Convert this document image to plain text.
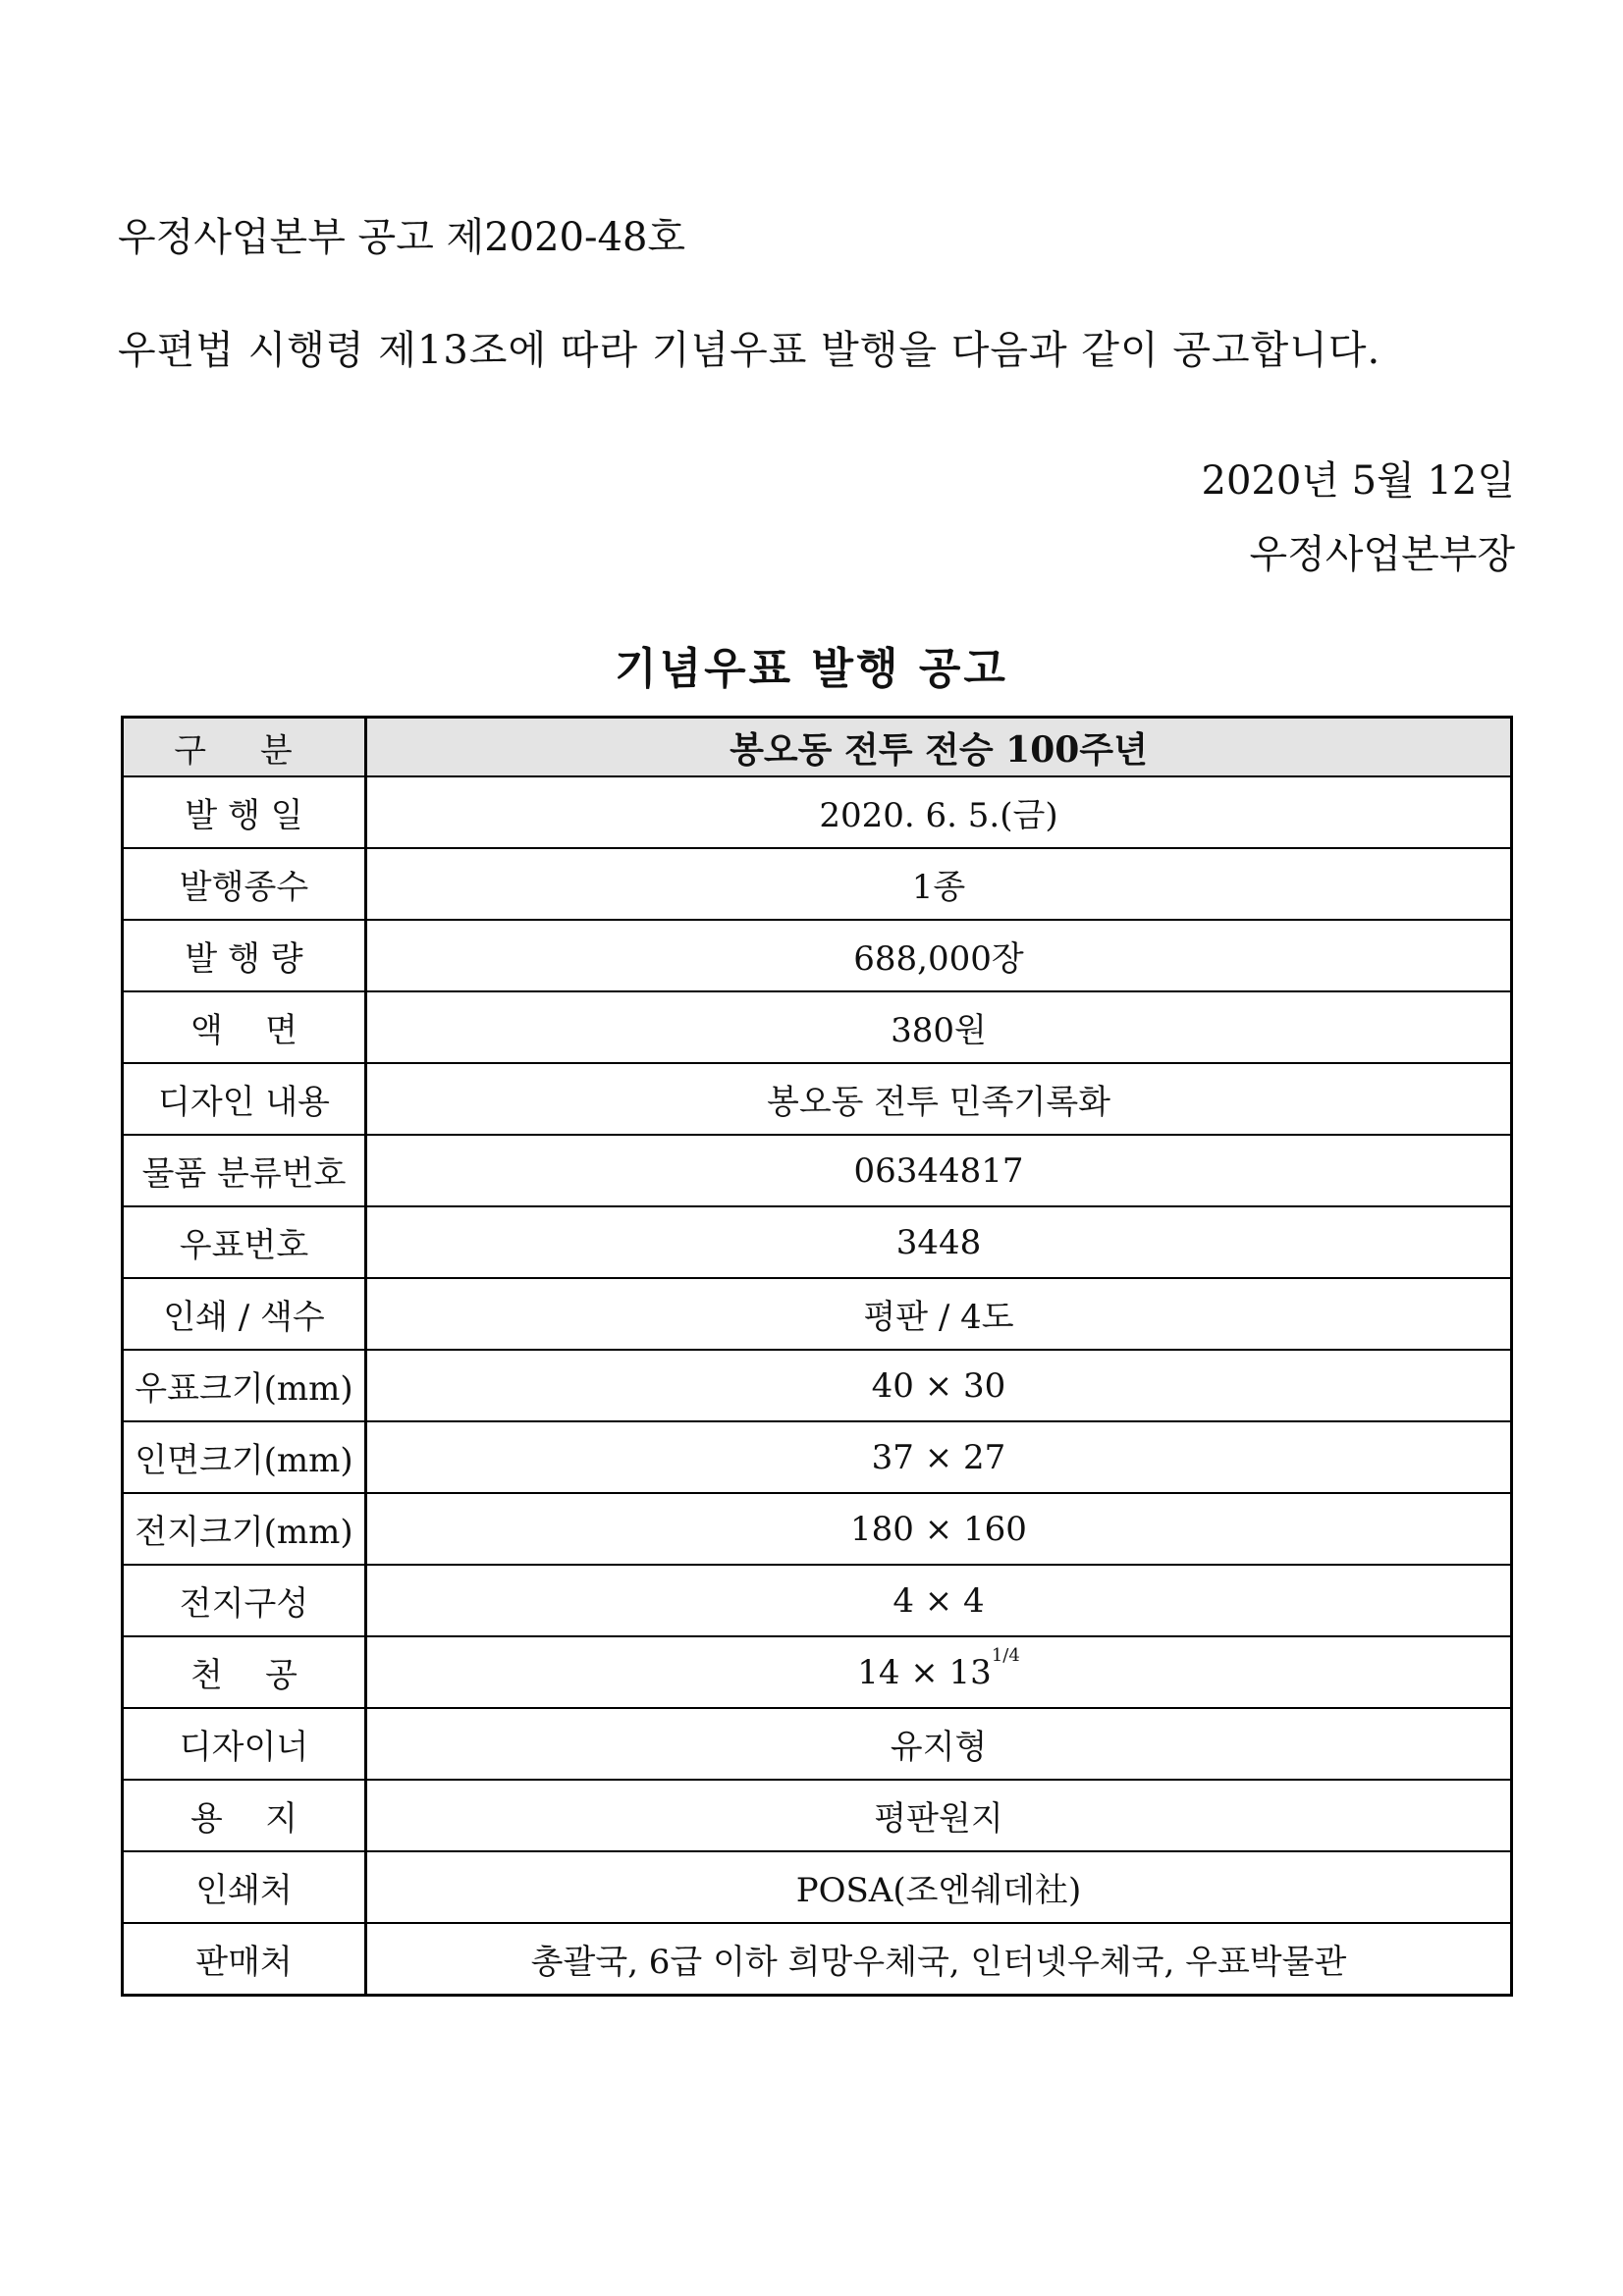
우정사업본부 공고 제2020-48호
우편법 시행령 제13조에 따라 기념우표 발행을 다음과 같이 공고합니다.
2020년 5월 12일
우정사업본부장
기념우표 발행 공고
구 분	봉오동 전투 전승 100주년
발 행 일	2020. 6. 5.(금)
발행종수	1종
발 행 량	688,000장
액    면	380원
디자인 내용	봉오동 전투 민족기록화
물품 분류번호	06344817
우표번호	3448
인쇄 / 색수	평판 / 4도
우표크기(mm)	40 × 30
인면크기(mm)	37 × 27
전지크기(mm)	180 × 160
전지구성	4 × 4
천    공	$14 \times 13^{1/4}$
디자이너	유지형
용    지	평판원지
인쇄처	POSA(조엔쉐데社)
판매처	총괄국, 6급 이하 희망우체국, 인터넷우체국, 우표박물관
